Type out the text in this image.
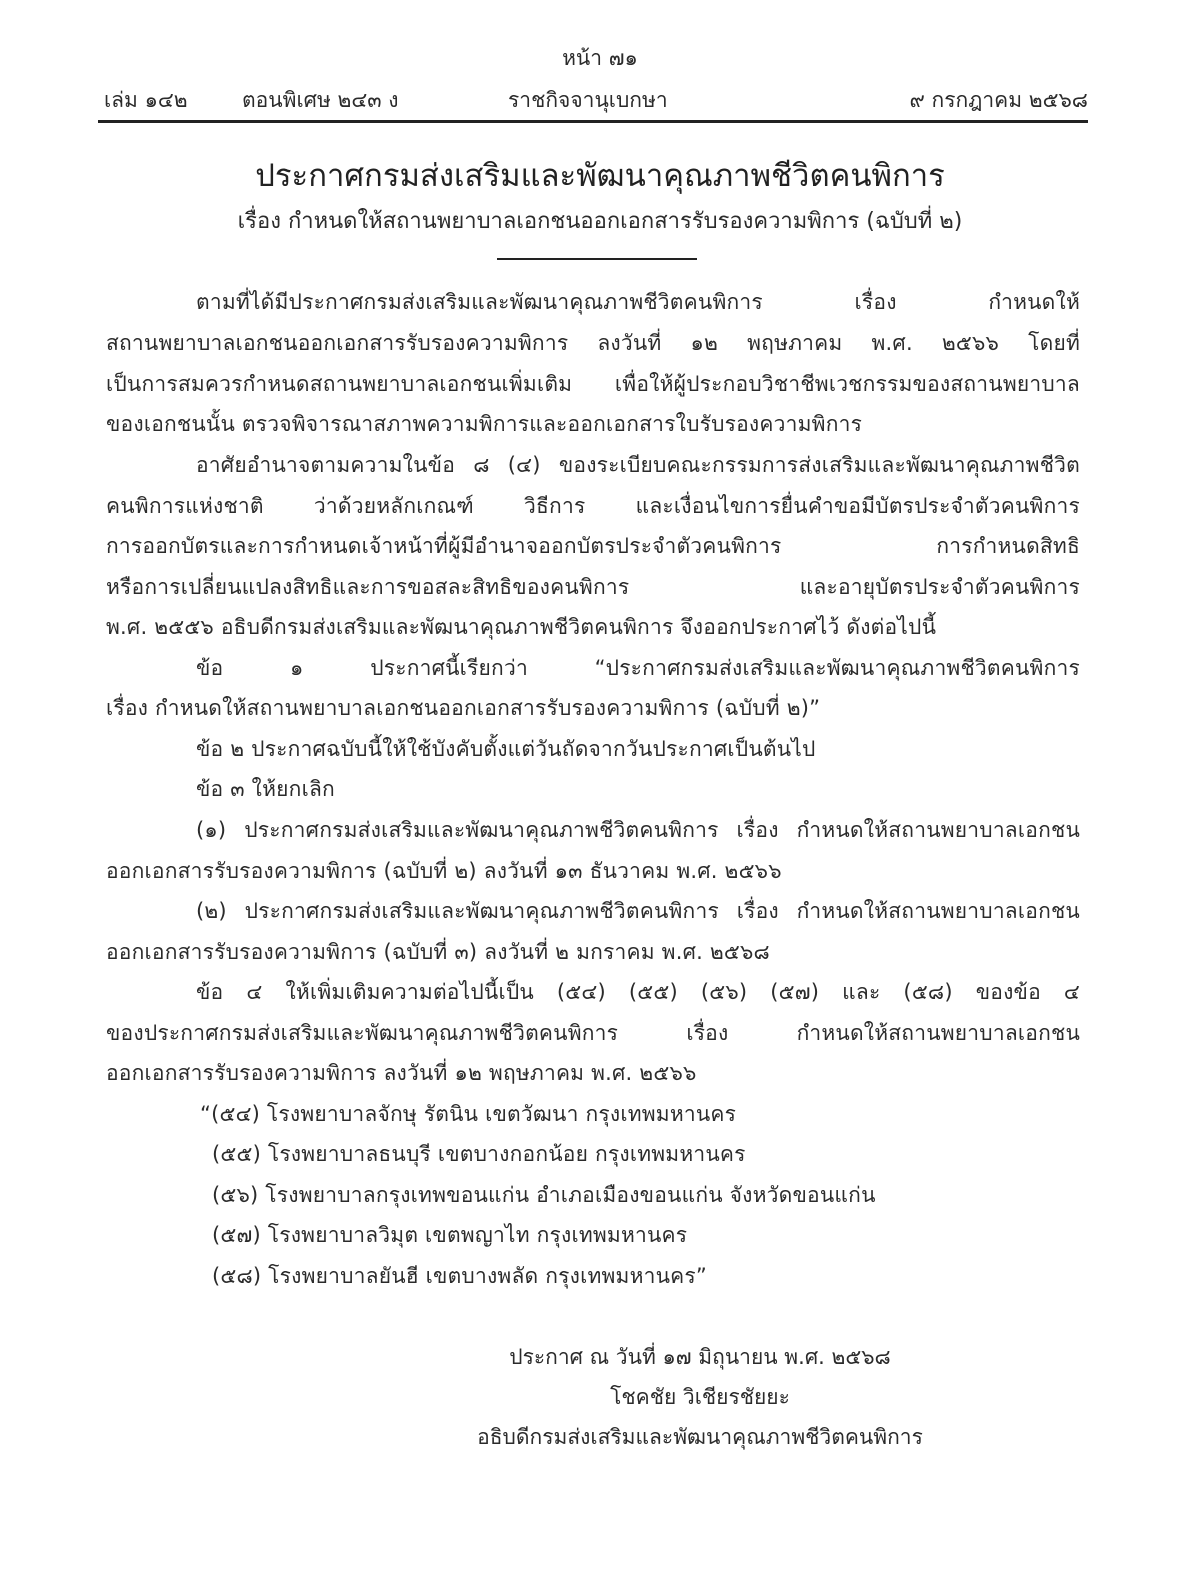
หน้า ๗๑
เล่ม ๑๔๒	ตอนพิเศษ ๒๔๓ ง	ราชกิจจานุเบกษา	๙ กรกฎาคม ๒๕๖๘
ประกาศกรมส่งเสริมและพัฒนาคุณภาพชีวิตคนพิการ
เรื่อง กำหนดให้สถานพยาบาลเอกชนออกเอกสารรับรองความพิการ (ฉบับที่ ๒)
ตามที่ได้มีประกาศกรมส่งเสริมและพัฒนาคุณภาพชีวิตคนพิการ เรื่อง กำหนดให้
สถานพยาบาลเอกชนออกเอกสารรับรองความพิการ ลงวันที่ ๑๒ พฤษภาคม พ.ศ. ๒๕๖๖ โดยที่
เป็นการสมควรกำหนดสถานพยาบาลเอกชนเพิ่มเติม เพื่อให้ผู้ประกอบวิชาชีพเวชกรรมของสถานพยาบาล
ของเอกชนนั้น ตรวจพิจารณาสภาพความพิการและออกเอกสารใบรับรองความพิการ
อาศัยอำนาจตามความในข้อ ๘ (๔) ของระเบียบคณะกรรมการส่งเสริมและพัฒนาคุณภาพชีวิต
คนพิการแห่งชาติ ว่าด้วยหลักเกณฑ์ วิธีการ และเงื่อนไขการยื่นคำขอมีบัตรประจำตัวคนพิการ
การออกบัตรและการกำหนดเจ้าหน้าที่ผู้มีอำนาจออกบัตรประจำตัวคนพิการ การกำหนดสิทธิ
หรือการเปลี่ยนแปลงสิทธิและการขอสละสิทธิของคนพิการ และอายุบัตรประจำตัวคนพิการ
พ.ศ. ๒๕๕๖ อธิบดีกรมส่งเสริมและพัฒนาคุณภาพชีวิตคนพิการ จึงออกประกาศไว้ ดังต่อไปนี้
ข้อ ๑ ประกาศนี้เรียกว่า “ประกาศกรมส่งเสริมและพัฒนาคุณภาพชีวิตคนพิการ
เรื่อง กำหนดให้สถานพยาบาลเอกชนออกเอกสารรับรองความพิการ (ฉบับที่ ๒)”
ข้อ ๒ ประกาศฉบับนี้ให้ใช้บังคับตั้งแต่วันถัดจากวันประกาศเป็นต้นไป
ข้อ ๓ ให้ยกเลิก
(๑) ประกาศกรมส่งเสริมและพัฒนาคุณภาพชีวิตคนพิการ เรื่อง กำหนดให้สถานพยาบาลเอกชน
ออกเอกสารรับรองความพิการ (ฉบับที่ ๒) ลงวันที่ ๑๓ ธันวาคม พ.ศ. ๒๕๖๖
(๒) ประกาศกรมส่งเสริมและพัฒนาคุณภาพชีวิตคนพิการ เรื่อง กำหนดให้สถานพยาบาลเอกชน
ออกเอกสารรับรองความพิการ (ฉบับที่ ๓) ลงวันที่ ๒ มกราคม พ.ศ. ๒๕๖๘
ข้อ ๔ ให้เพิ่มเติมความต่อไปนี้เป็น (๕๔) (๕๕) (๕๖) (๕๗) และ (๕๘) ของข้อ ๔
ของประกาศกรมส่งเสริมและพัฒนาคุณภาพชีวิตคนพิการ เรื่อง กำหนดให้สถานพยาบาลเอกชน
ออกเอกสารรับรองความพิการ ลงวันที่ ๑๒ พฤษภาคม พ.ศ. ๒๕๖๖
“(๕๔) โรงพยาบาลจักษุ รัตนิน เขตวัฒนา กรุงเทพมหานคร
(๕๕) โรงพยาบาลธนบุรี เขตบางกอกน้อย กรุงเทพมหานคร
(๕๖) โรงพยาบาลกรุงเทพขอนแก่น อำเภอเมืองขอนแก่น จังหวัดขอนแก่น
(๕๗) โรงพยาบาลวิมุต เขตพญาไท กรุงเทพมหานคร
(๕๘) โรงพยาบาลยันฮี เขตบางพลัด กรุงเทพมหานคร”
ประกาศ ณ วันที่ ๑๗ มิถุนายน พ.ศ. ๒๕๖๘
โชคชัย วิเชียรชัยยะ
อธิบดีกรมส่งเสริมและพัฒนาคุณภาพชีวิตคนพิการ
